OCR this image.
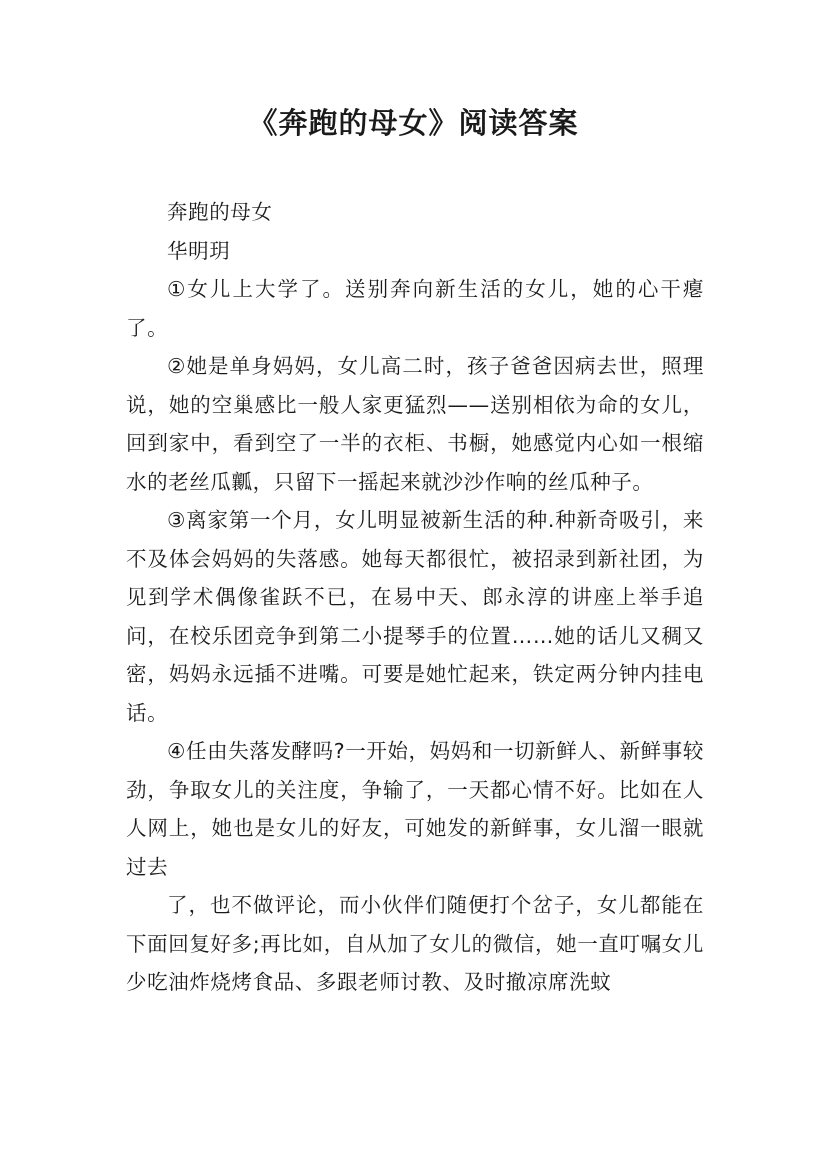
《奔跑的母女》阅读答案

奔跑的母女

华明玥

①女儿上大学了。送别奔向新生活的女儿，她的心干瘪了。

②她是单身妈妈，女儿高二时，孩子爸爸因病去世，照理说，她的空巢感比一般人家更猛烈——送别相依为命的女儿，回到家中，看到空了一半的衣柜、书橱，她感觉内心如一根缩水的老丝瓜瓤，只留下一摇起来就沙沙作响的丝瓜种子。

③离家第一个月，女儿明显被新生活的种.种新奇吸引，来不及体会妈妈的失落感。她每天都很忙，被招录到新社团，为见到学术偶像雀跃不已，在易中天、郎永淳的讲座上举手追问，在校乐团竞争到第二小提琴手的位置……她的话儿又稠又密，妈妈永远插不进嘴。可要是她忙起来，铁定两分钟内挂电话。

④任由失落发酵吗?一开始，妈妈和一切新鲜人、新鲜事较劲，争取女儿的关注度，争输了，一天都心情不好。比如在人人网上，她也是女儿的好友，可她发的新鲜事，女儿溜一眼就过去

了，也不做评论，而小伙伴们随便打个岔子，女儿都能在下面回复好多;再比如，自从加了女儿的微信，她一直叮嘱女儿少吃油炸烧烤食品、多跟老师讨教、及时撤凉席洗蚊
